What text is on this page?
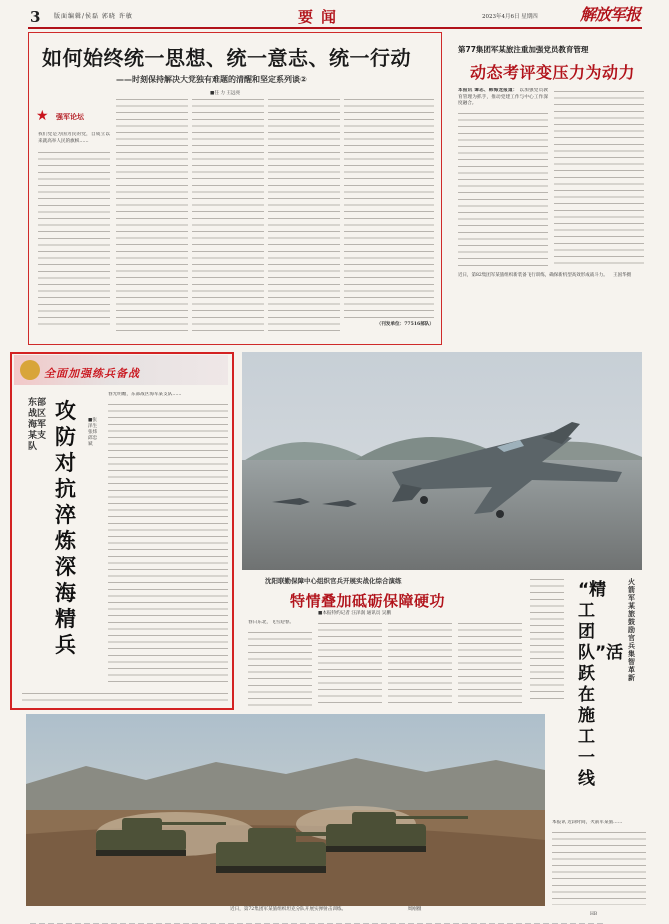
3 版面编辑/侯磊 郭晓 许敏	要闻	2023年4月6日 星期四	解放军报
如何始终统一思想、统一意志、统一行动
——时刻保持解决大党独有难题的清醒和坚定系列谈②
■任 力 王远亮
★ 强军论坛
我们党是为国为民的党，自成立以来就高举人民的旗帜……
（刊发单位：77516部队）
第77集团军某旅注重加强党员教育管理
动态考评变压力为动力
本报讯 谭志、韩海龙报道： 以加强党员教育管理为抓手，推动党建工作与中心工作深度融合。
近日，第82集团军某旅组织新装备飞行训练，确保新机型高效形成战斗力。 王国华摄
全面加强练兵备战
东部战区海军某支队
攻防对抗淬炼深海精兵
■张泽生 张炜 邱忠斌
春光明媚，东部战区海军某支队……
沈阳联勤保障中心组织官兵开展实战化综合演练
特情叠加砥砺保障硬功
■本报特约记者 汪泽润 通讯员 吴鹏
春日东北，飞雪迎春。
火箭军某旅鼓励官兵集智革新
“精工团队”活跃在施工一线
本报讯 近段时间，火箭军某旅……
近日，第72集团军某旅组织坦克分队开展实弹射击训练。	周刚摄
HB
